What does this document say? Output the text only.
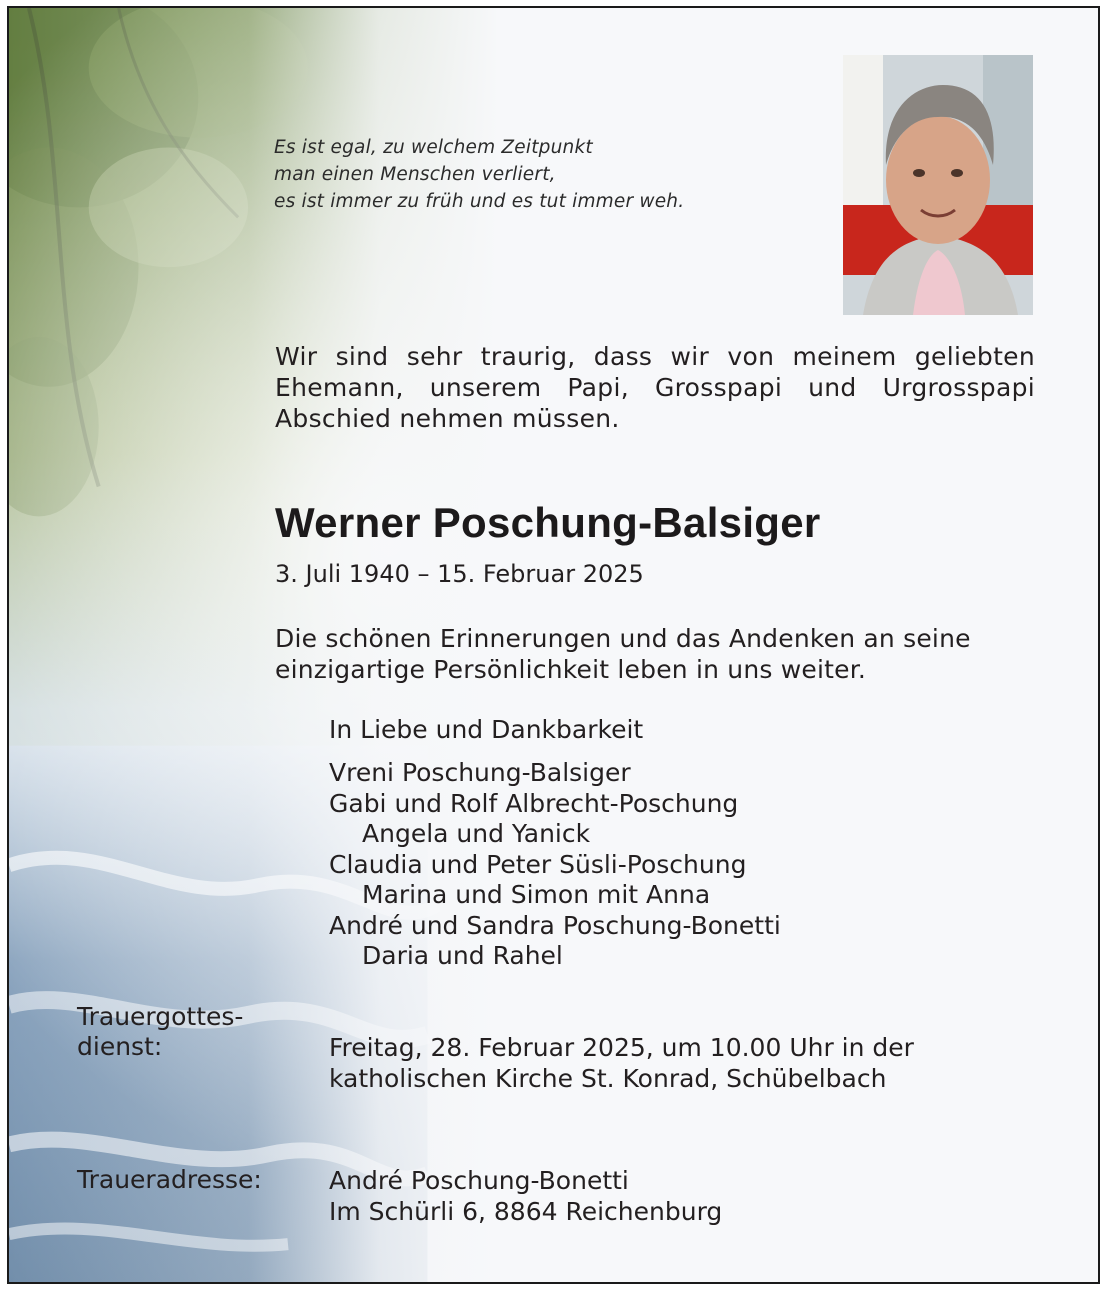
Es ist egal, zu welchem Zeitpunkt
man einen Menschen verliert,
es ist immer zu früh und es tut immer weh.
Wir sind sehr traurig, dass wir von meinem geliebten Ehemann, unserem Papi, Grosspapi und Urgrosspapi Abschied nehmen müssen.
Werner Poschung-Balsiger
3. Juli 1940 – 15. Februar 2025
Die schönen Erinnerungen und das Andenken an seine
einzigartige Persönlichkeit leben in uns weiter.
In Liebe und Dankbarkeit
Vreni Poschung-Balsiger
Gabi und Rolf Albrecht-Poschung
Angela und Yanick
Claudia und Peter Süsli-Poschung
Marina und Simon mit Anna
André und Sandra Poschung-Bonetti
Daria und Rahel
Trauergottes-
dienst:	Freitag, 28. Februar 2025, um 10.00 Uhr in der
katholischen Kirche St. Konrad, Schübelbach
Traueradresse:	André Poschung-Bonetti
Im Schürli 6, 8864 Reichenburg
